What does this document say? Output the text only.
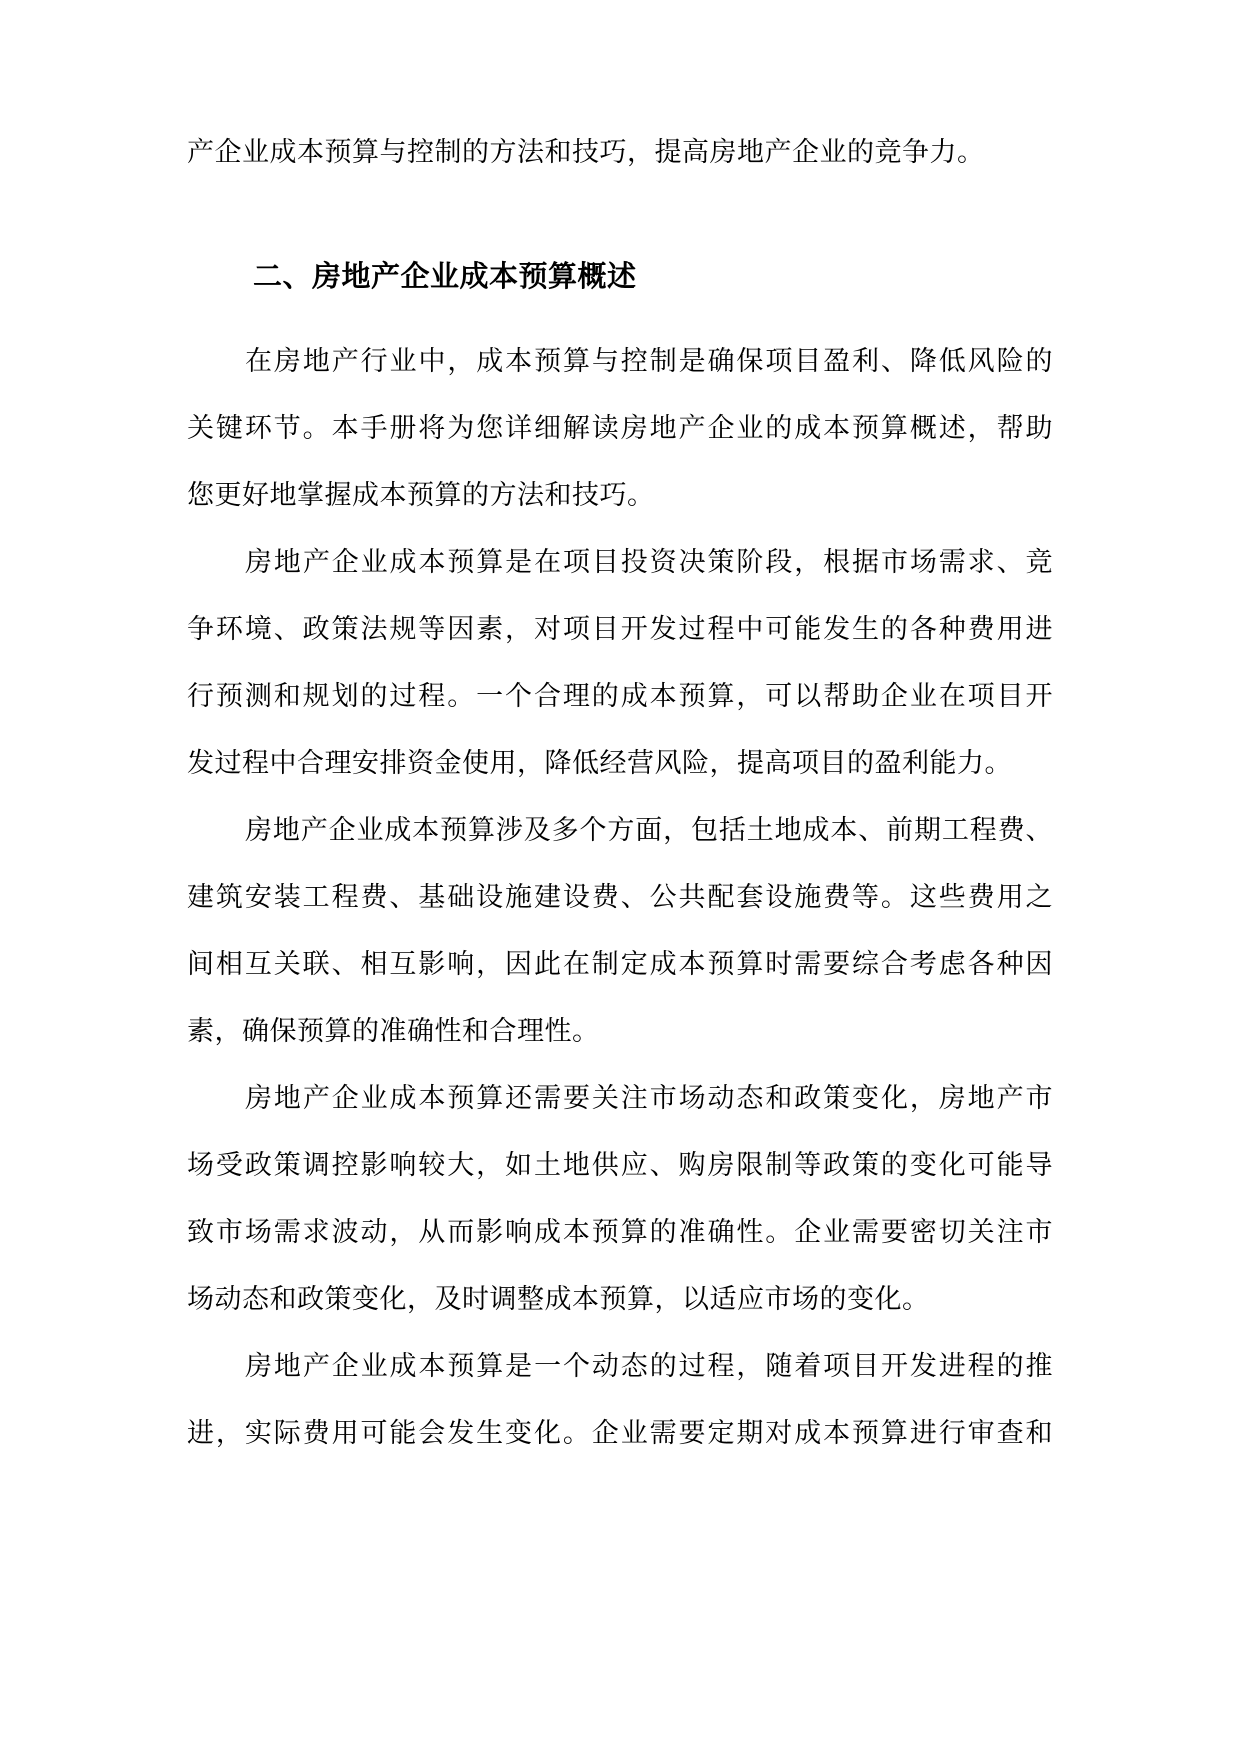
产企业成本预算与控制的方法和技巧，提高房地产企业的竞争力。
二、房地产企业成本预算概述
在房地产行业中，成本预算与控制是确保项目盈利、降低风险的
关键环节。本手册将为您详细解读房地产企业的成本预算概述，帮助
您更好地掌握成本预算的方法和技巧。
房地产企业成本预算是在项目投资决策阶段，根据市场需求、竞
争环境、政策法规等因素，对项目开发过程中可能发生的各种费用进
行预测和规划的过程。一个合理的成本预算，可以帮助企业在项目开
发过程中合理安排资金使用，降低经营风险，提高项目的盈利能力。
房地产企业成本预算涉及多个方面，包括土地成本、前期工程费、
建筑安装工程费、基础设施建设费、公共配套设施费等。这些费用之
间相互关联、相互影响，因此在制定成本预算时需要综合考虑各种因
素，确保预算的准确性和合理性。
房地产企业成本预算还需要关注市场动态和政策变化，房地产市
场受政策调控影响较大，如土地供应、购房限制等政策的变化可能导
致市场需求波动，从而影响成本预算的准确性。企业需要密切关注市
场动态和政策变化，及时调整成本预算，以适应市场的变化。
房地产企业成本预算是一个动态的过程，随着项目开发进程的推
进，实际费用可能会发生变化。企业需要定期对成本预算进行审查和
